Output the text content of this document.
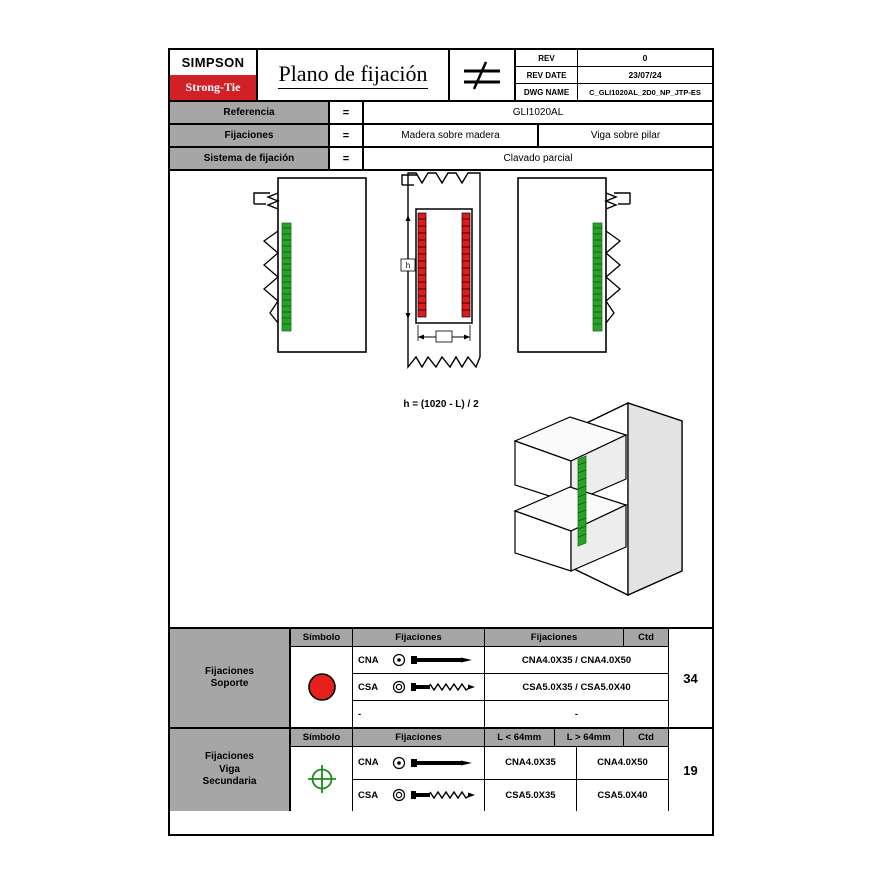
SIMPSON
Strong-Tie
Plano de fijación
REV	0
REV DATE	23/07/24
DWG NAME	C_GLI1020AL_2D0_NP_JTP-ES
Referencia	=	GLI1020AL
Fijaciones	=	Madera sobre madera	Viga sobre pilar
Sistema de fijación	=	Clavado parcial
h
h = (1020 - L) / 2
Fijaciones
Soporte
Símbolo	Fijaciones	Fijaciones	Ctd
CNA	CNA4.0X35 / CNA4.0X50
CSA	CSA5.0X35 / CSA5.0X40
-	-
34
Fijaciones
Viga
Secundaria
Símbolo	Fijaciones	L < 64mm	L > 64mm	Ctd
CNA	CNA4.0X35	CNA4.0X50
CSA	CSA5.0X35	CSA5.0X40
19
